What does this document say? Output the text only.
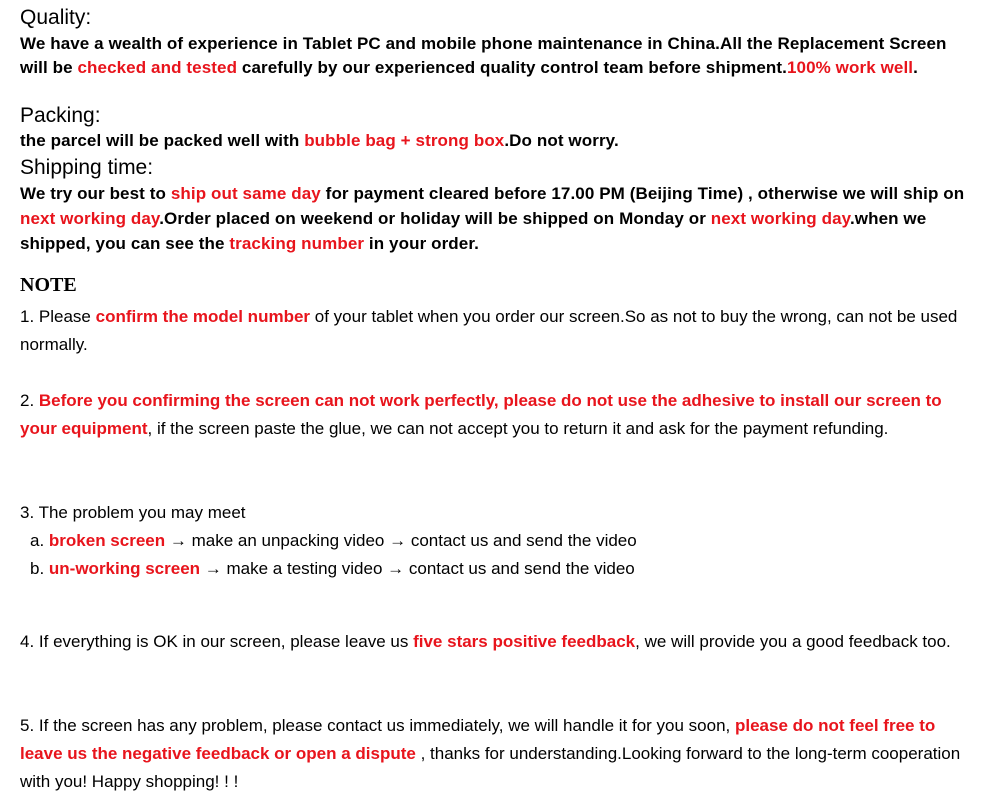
Quality:

We have a wealth of experience in Tablet PC and mobile phone maintenance in China.All the Replacement Screen will be checked and tested carefully by our experienced quality control team before shipment.100% work well.

Packing:

the parcel will be packed well with bubble bag + strong box.Do not worry.

Shipping time:

We try our best to ship out same day for payment cleared before 17.00 PM (Beijing Time) , otherwise we will ship on next working day.Order placed on weekend or holiday will be shipped on Monday or next working day.when we shipped, you can see the tracking number in your order.

NOTE

1. Please confirm the model number of your tablet when you order our screen.So as not to buy the wrong, can not be used normally.

2. Before you confirming the screen can not work perfectly, please do not use the adhesive to install our screen to your equipment, if the screen paste the glue, we can not accept you to return it and ask for the payment refunding.

3. The problem you may meet

a. broken screen → make an unpacking video → contact us and send the video

b. un-working screen → make a testing video → contact us and send the video

4. If everything is OK in our screen, please leave us five stars positive feedback, we will provide you a good feedback too.

5. If the screen has any problem, please contact us immediately, we will handle it for you soon, please do not feel free to leave us the negative feedback or open a dispute , thanks for understanding.Looking forward to the long-term cooperation with you! Happy shopping! ! !
